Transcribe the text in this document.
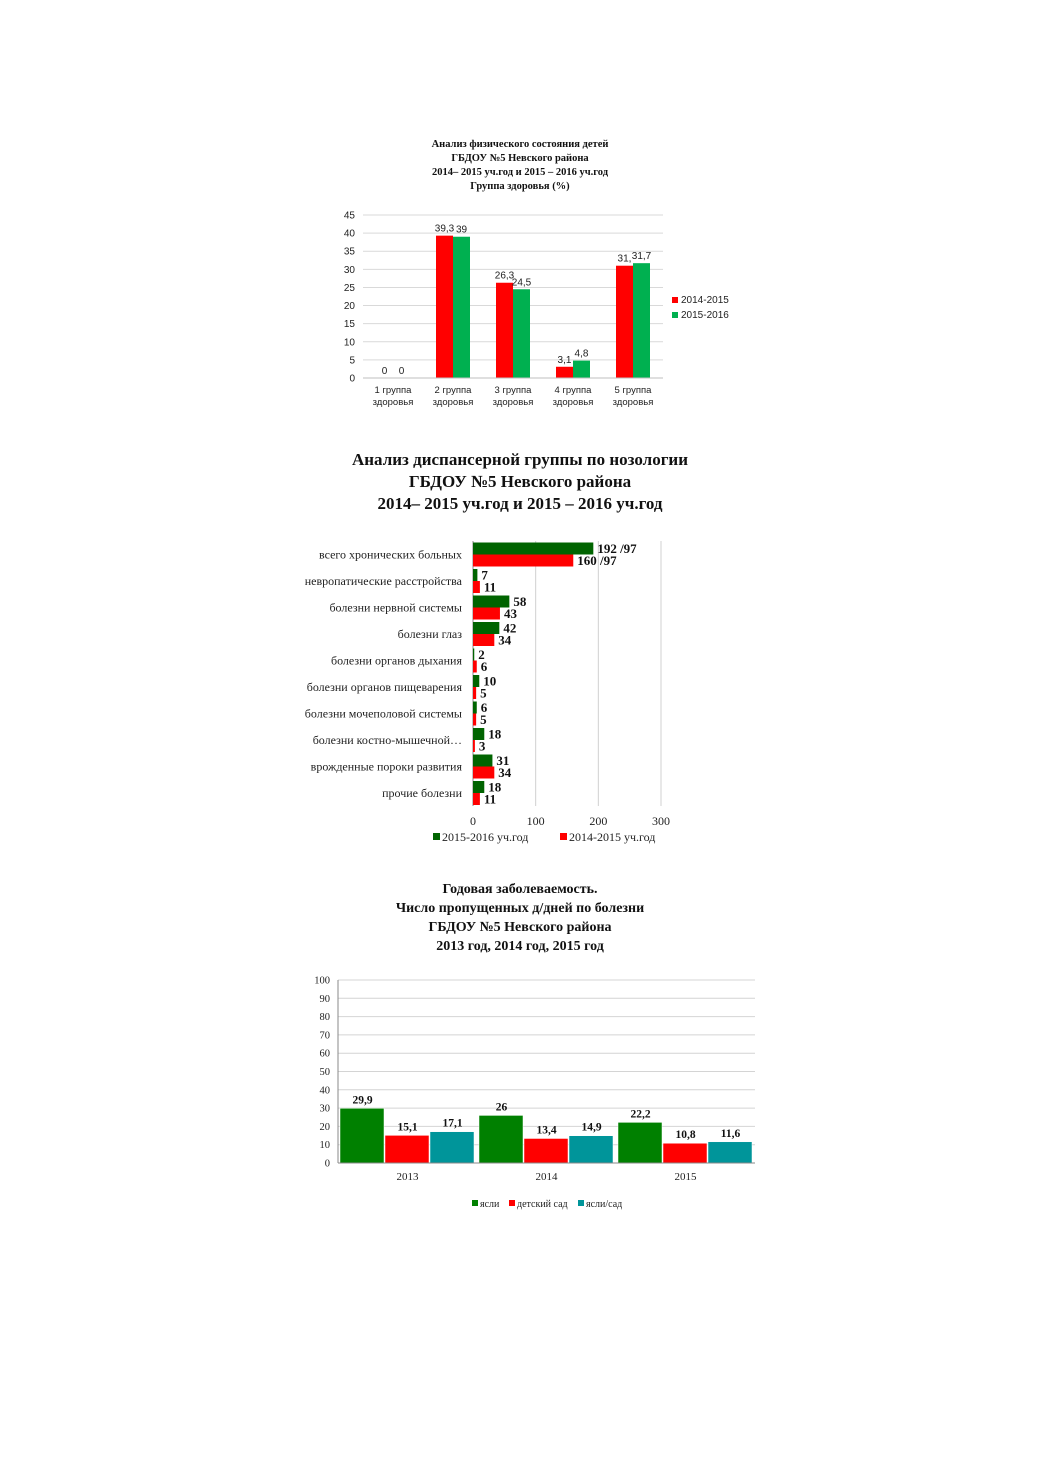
Анализ физического состояния детей
ГБДОУ №5 Невского района
2014– 2015 уч.год и 2015 – 2016 уч.год
Группа здоровья (%)
Анализ диспансерной группы по нозологии
ГБДОУ №5 Невского района
2014– 2015 уч.год и 2015 – 2016 уч.год
Годовая заболеваемость.
Число пропущенных д/дней по болезни
ГБДОУ №5 Невского района
2013 год, 2014 год, 2015 год
0
5
10
15
20
25
30
35
40
45
0 0
1 группа здоровья
39,3 39
2 группа здоровья
26,3
24,5
3 группа здоровья
3,1
4,8
4 группа здоровья
31, 31,7
5 группа здоровья
2014-2015
2015-2016
0	100	200	300
всего хронических больных	192 /97
160 /97
невропатические расстройства 7
11
болезни нервной системы	58
43
болезни глаз	42
34
болезни органов дыхания 2
6
болезни органов пищеварения 10
5
болезни мочеполовой системы 6
5
болезни костно-мышечной… 18
3
врожденные пороки развития	31
34
прочие болезни 18
11
2015-2016 уч.год	2014-2015 уч.год
0
10
20
30
40
50
60
70
80
90
100
29,9
15,1 17,1
2013
26
13,4 14,9
2014
22,2
10,8 11,6
2015
ясли детский сад ясли/сад
